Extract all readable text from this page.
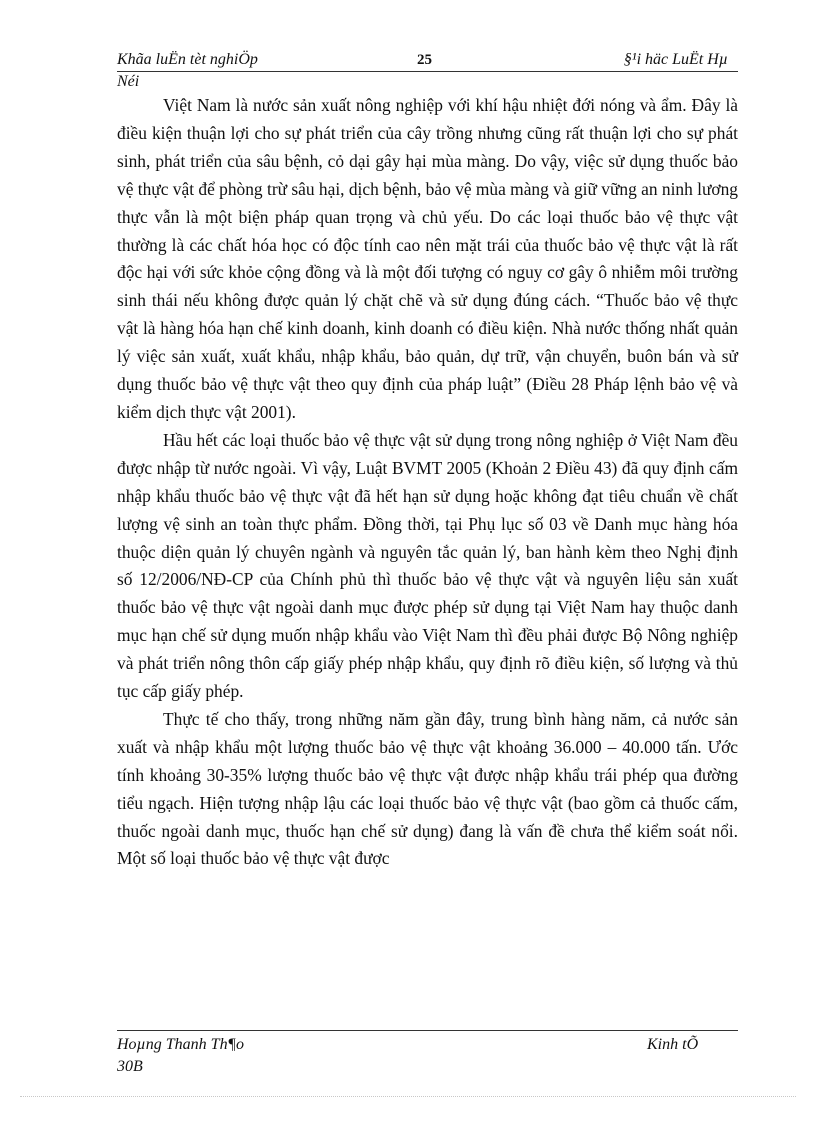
Khãa luËn tèt nghiÖp	25	§¹i häc LuËt Hµ
Néi

Việt Nam là nước sản xuất nông nghiệp với khí hậu nhiệt đới nóng và ẩm. Đây là điều kiện thuận lợi cho sự phát triển của cây trồng nhưng cũng rất thuận lợi cho sự phát sinh, phát triển của sâu bệnh, cỏ dại gây hại mùa màng. Do vậy, việc sử dụng thuốc bảo vệ thực vật để phòng trừ sâu hại, dịch bệnh, bảo vệ mùa màng và giữ vững an ninh lương thực vẫn là một biện pháp quan trọng và chủ yếu. Do các loại thuốc bảo vệ thực vật thường là các chất hóa học có độc tính cao nên mặt trái của thuốc bảo vệ thực vật là rất độc hại với sức khỏe cộng đồng và là một đối tượng có nguy cơ gây ô nhiễm môi trường sinh thái nếu không được quản lý chặt chẽ và sử dụng đúng cách. “Thuốc bảo vệ thực vật là hàng hóa hạn chế kinh doanh, kinh doanh có điều kiện. Nhà nước thống nhất quản lý việc sản xuất, xuất khẩu, nhập khẩu, bảo quản, dự trữ, vận chuyển, buôn bán và sử dụng thuốc bảo vệ thực vật theo quy định của pháp luật” (Điều 28 Pháp lệnh bảo vệ và kiểm dịch thực vật 2001).

Hầu hết các loại thuốc bảo vệ thực vật sử dụng trong nông nghiệp ở Việt Nam đều được nhập từ nước ngoài. Vì vậy, Luật BVMT 2005 (Khoản 2 Điều 43) đã quy định cấm nhập khẩu thuốc bảo vệ thực vật đã hết hạn sử dụng hoặc không đạt tiêu chuẩn về chất lượng vệ sinh an toàn thực phẩm. Đồng thời, tại Phụ lục số 03 về Danh mục hàng hóa thuộc diện quản lý chuyên ngành và nguyên tắc quản lý, ban hành kèm theo Nghị định số 12/2006/NĐ-CP của Chính phủ thì thuốc bảo vệ thực vật và nguyên liệu sản xuất thuốc bảo vệ thực vật ngoài danh mục được phép sử dụng tại Việt Nam hay thuộc danh mục hạn chế sử dụng muốn nhập khẩu vào Việt Nam thì đều phải được Bộ Nông nghiệp và phát triển nông thôn cấp giấy phép nhập khẩu, quy định rõ điều kiện, số lượng và thủ tục cấp giấy phép.

Thực tế cho thấy, trong những năm gần đây, trung bình hàng năm, cả nước sản xuất và nhập khẩu một lượng thuốc bảo vệ thực vật khoảng 36.000 – 40.000 tấn. Ước tính khoảng 30-35% lượng thuốc bảo vệ thực vật được nhập khẩu trái phép qua đường tiểu ngạch. Hiện tượng nhập lậu các loại thuốc bảo vệ thực vật (bao gồm cả thuốc cấm, thuốc ngoài danh mục, thuốc hạn chế sử dụng) đang là vấn đề chưa thể kiểm soát nổi. Một số loại thuốc bảo vệ thực vật được

Hoµng Thanh Th¶o	Kinh tÕ
30B
